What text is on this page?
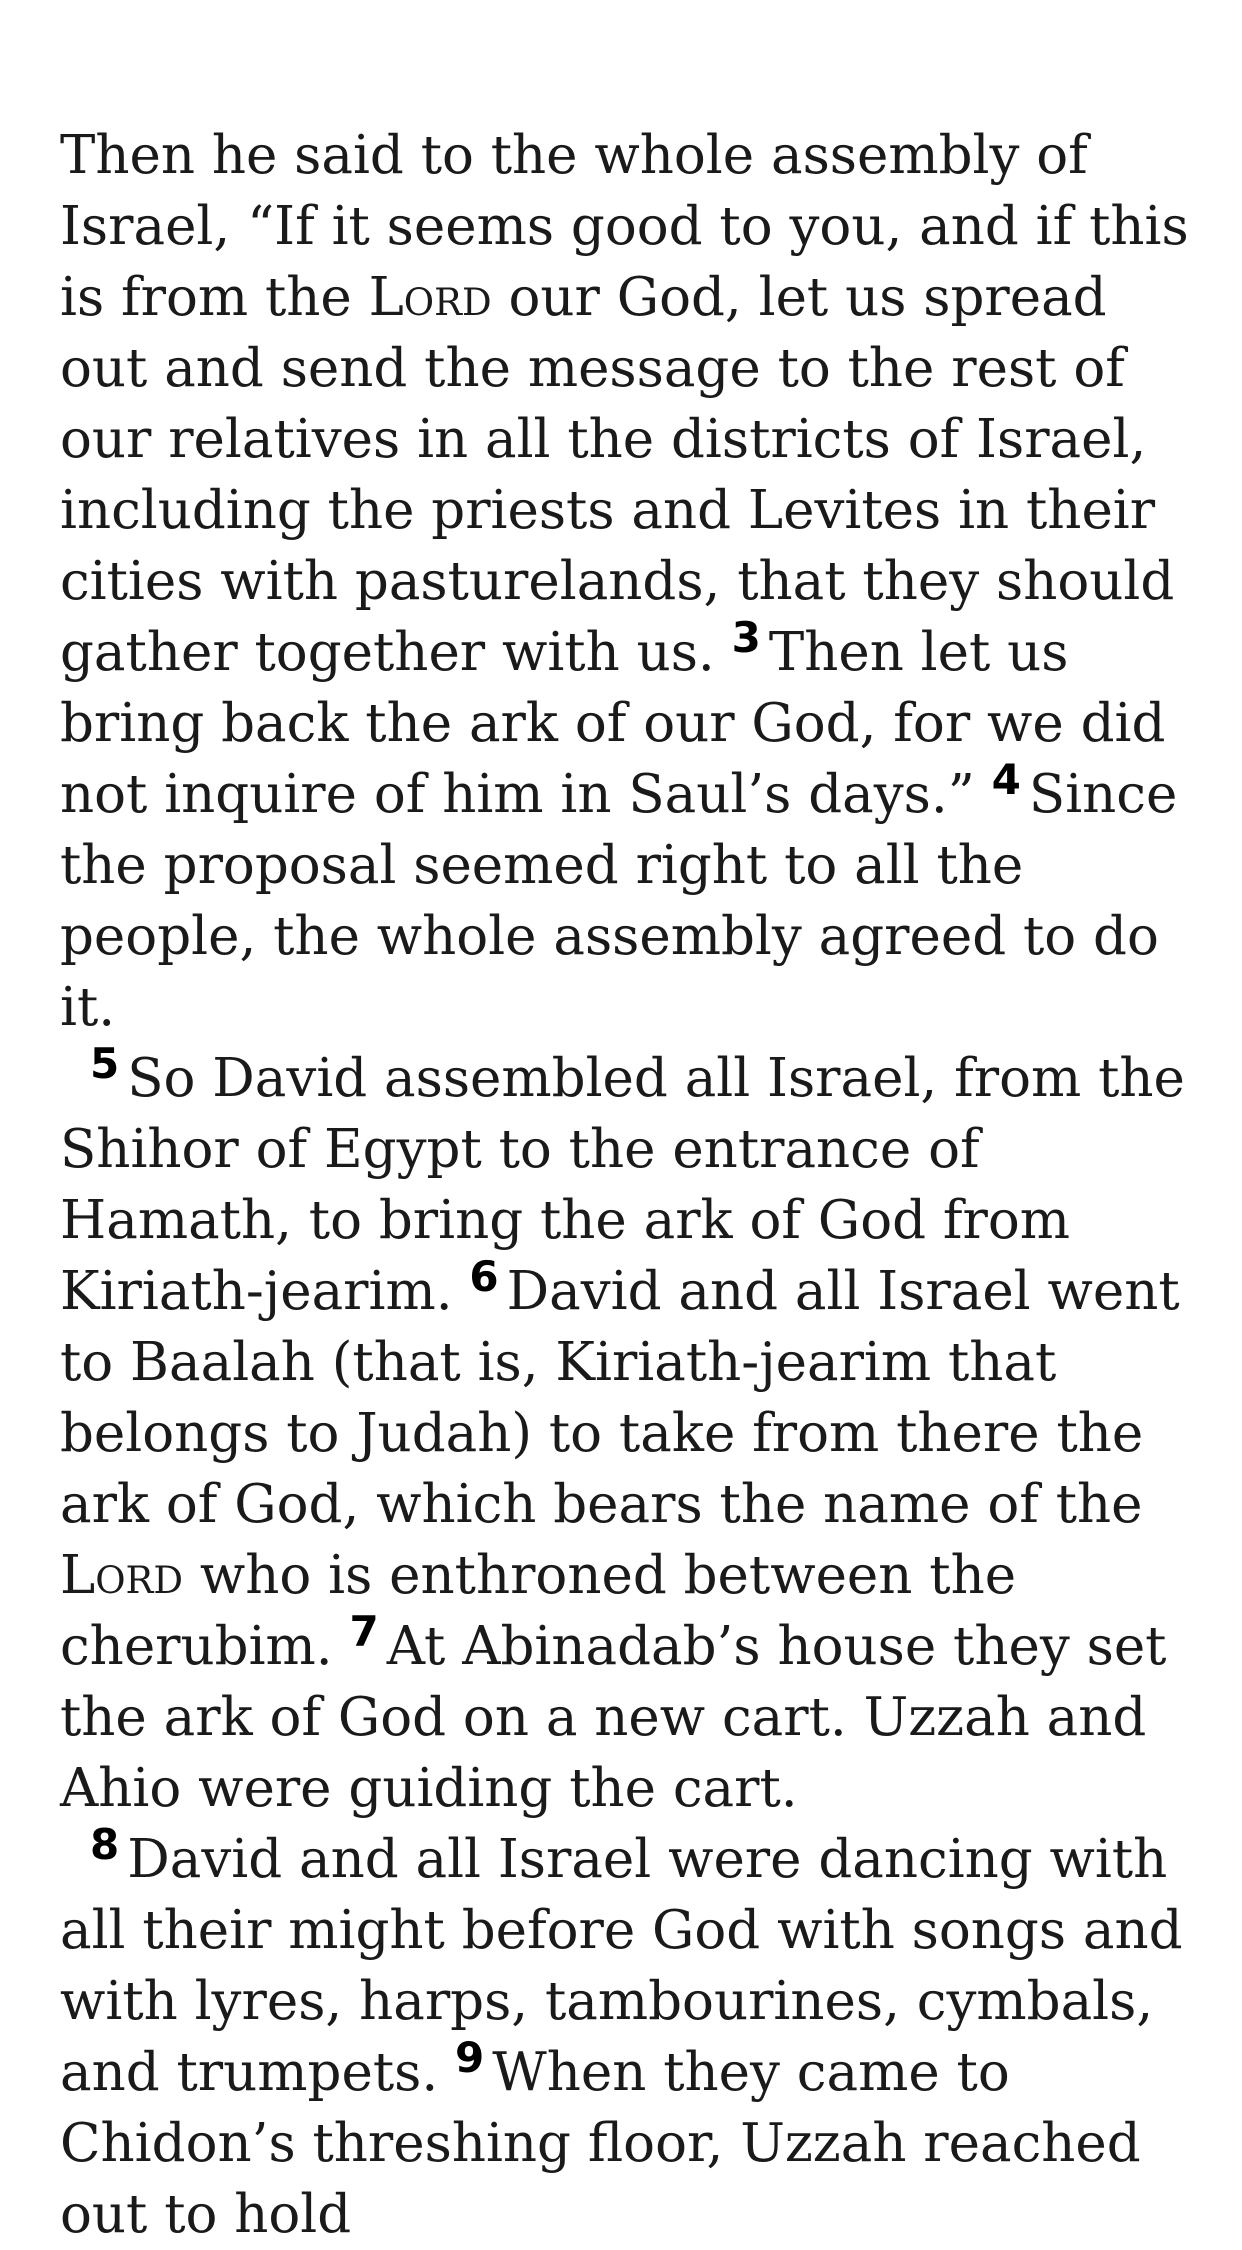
Then he said to the whole assembly of Israel, “If it seems good to you, and if this is from the Lord our God, let us spread out and send the message to the rest of our relatives in all the districts of Israel, including the priests and Levites in their cities with pasturelands, that they should gather together with us. $^3$ Then let us bring back the ark of our God, for we did not inquire of him in Saul’s days.” $^4$ Since the proposal seemed right to all the people, the whole assembly agreed to do it.

$^5$ So David assembled all Israel, from the Shihor of Egypt to the entrance of Hamath, to bring the ark of God from Kiriath-jearim. $^6$ David and all Israel went to Baalah (that is, Kiriath-jearim that belongs to Judah) to take from there the ark of God, which bears the name of the Lord who is enthroned between the cherubim. $^7$ At Abinadab’s house they set the ark of God on a new cart. Uzzah and Ahio were guiding the cart.

$^8$ David and all Israel were dancing with all their might before God with songs and with lyres, harps, tambourines, cymbals, and trumpets. $^9$ When they came to Chidon’s threshing floor, Uzzah reached out to hold
